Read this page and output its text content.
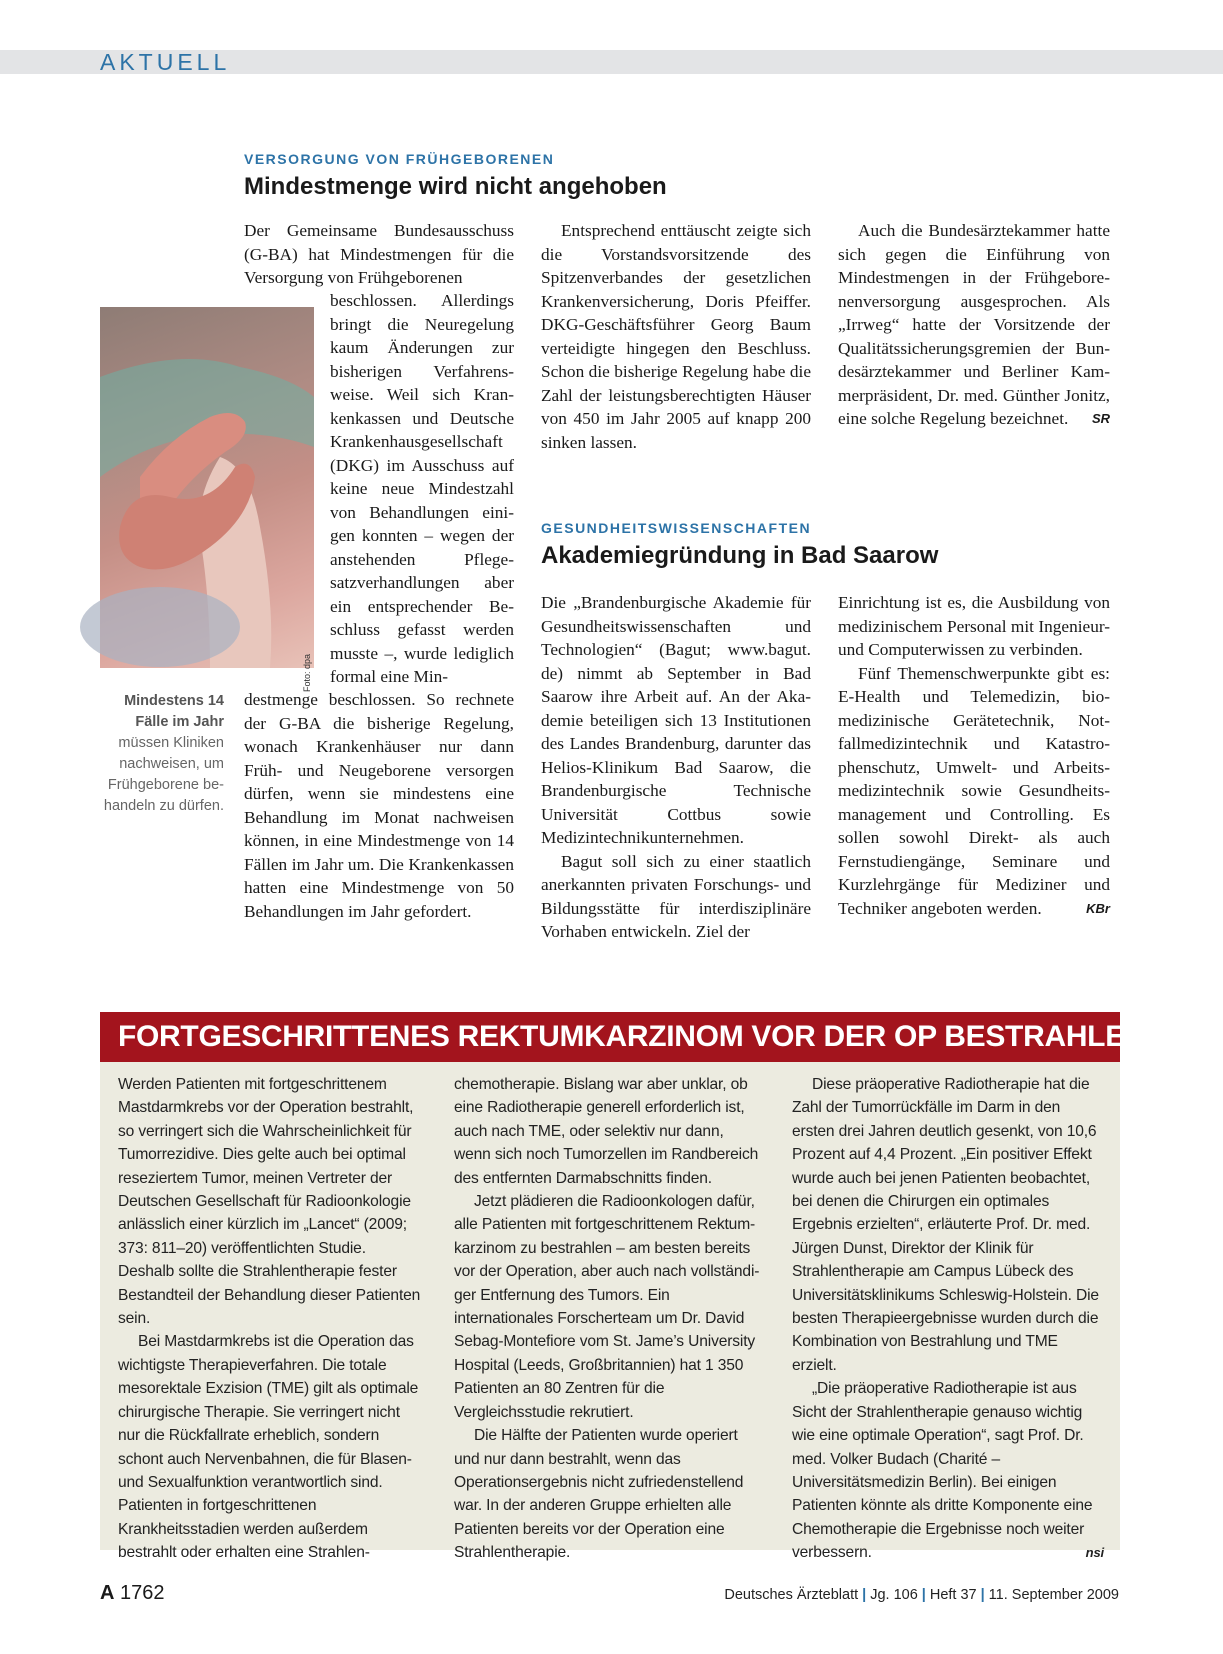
AKTUELL
VERSORGUNG VON FRÜHGEBORENEN
Mindestmenge wird nicht angehoben

Der Gemeinsame Bundesausschuss (G-BA) hat Mindestmengen für die Versorgung von Frühgeborenen

beschlossen. Allerdings bringt die Neuregelung kaum Änderungen zur bisherigen Verfahrensweise. Weil sich Krankenkassen und Deutsche Krankenhausgesellschaft (DKG) im Ausschuss auf keine neue Mindestzahl von Behandlungen einigen konnten – wegen der anstehenden Pflegesatzverhandlungen aber ein entsprechender Beschluss gefasst werden musste –, wurde lediglich formal eine Min-

destmenge beschlossen. So rechnete der G-BA die bisherige Regelung, wonach Krankenhäuser nur dann Früh- und Neugeborene versorgen dürfen, wenn sie mindestens eine Behandlung im Monat nachweisen können, in eine Mindestmenge von 14 Fällen im Jahr um. Die Krankenkassen hatten eine Mindestmenge von 50 Behandlungen im Jahr gefordert.

Entsprechend enttäuscht zeigte sich die Vorstandsvorsitzende des Spitzenverbandes der gesetzlichen Krankenversicherung, Doris Pfeiffer. DKG-Geschäftsführer Georg Baum verteidigte hingegen den Beschluss. Schon die bisherige Regelung habe die Zahl der leistungsberechtigten Häuser von 450 im Jahr 2005 auf knapp 200 sinken lassen.

Auch die Bundesärztekammer hatte sich gegen die Einführung von Mindestmengen in der Frühgeborenenversorgung ausgesprochen. Als „Irrweg“ hatte der Vorsitzende der Qualitätssicherungsgremien der Bundesärztekammer und Berliner Kammerpräsident, Dr. med. Günther Jonitz, eine solche Regelung bezeichnet.	SR

Foto: dpa
Mindestens 14 Fälle im Jahr
müssen Kliniken nachweisen, um Frühgeborene behandeln zu dürfen.
GESUNDHEITSWISSENSCHAFTEN
Akademiegründung in Bad Saarow

Die „Brandenburgische Akademie für Gesundheitswissenschaften und Technologien“ (Bagut; www.bagut. de) nimmt ab September in Bad Saarow ihre Arbeit auf. An der Akademie beteiligen sich 13 Institutionen des Landes Brandenburg, darunter das Helios-Klinikum Bad Saarow, die Brandenburgische Technische Universität Cottbus sowie Medizintechnikunternehmen.

Bagut soll sich zu einer staatlich anerkannten privaten Forschungs- und Bildungsstätte für interdisziplinäre Vorhaben entwickeln. Ziel der

Einrichtung ist es, die Ausbildung von medizinischem Personal mit Ingenieur- und Computerwissen zu verbinden.

Fünf Themenschwerpunkte gibt es: E-Health und Telemedizin, biomedizinische Gerätetechnik, Notfallmedizintechnik und Katastrophenschutz, Umwelt- und Arbeitsmedizintechnik sowie Gesundheitsmanagement und Controlling. Es sollen sowohl Direkt- als auch Fernstudiengänge, Seminare und Kurzlehrgänge für Mediziner und Techniker angeboten werden.	KBr

FORTGESCHRITTENES REKTUMKARZINOM VOR DER OP BESTRAHLEN

Werden Patienten mit fortgeschrittenem Mastdarmkrebs vor der Operation bestrahlt, so verringert sich die Wahrscheinlichkeit für Tumorrezidive. Dies gelte auch bei optimal reseziertem Tumor, meinen Vertreter der Deutschen Gesellschaft für Radioonkologie anlässlich einer kürzlich im „Lancet“ (2009; 373: 811–20) veröffentlichten Studie. Deshalb sollte die Strahlentherapie fester Bestandteil der Behandlung dieser Patienten sein.

Bei Mastdarmkrebs ist die Operation das wichtigste Therapieverfahren. Die totale mesorektale Exzision (TME) gilt als optimale chirurgische Therapie. Sie verringert nicht nur die Rückfallrate erheblich, sondern schont auch Nervenbahnen, die für Blasen- und Sexualfunktion verantwortlich sind. Patienten in fortgeschrittenen Krankheitsstadien werden außerdem bestrahlt oder erhalten eine Strahlen-

chemotherapie. Bislang war aber unklar, ob eine Radiotherapie generell erforderlich ist, auch nach TME, oder selektiv nur dann, wenn sich noch Tumorzellen im Randbereich des entfernten Darmabschnitts finden.

Jetzt plädieren die Radioonkologen dafür, alle Patienten mit fortgeschrittenem Rektumkarzinom zu bestrahlen – am besten bereits vor der Operation, aber auch nach vollständiger Entfernung des Tumors. Ein internationales Forscherteam um Dr. David Sebag-Montefiore vom St. Jame’s University Hospital (Leeds, Großbritannien) hat 1 350 Patienten an 80 Zentren für die Vergleichsstudie rekrutiert.

Die Hälfte der Patienten wurde operiert und nur dann bestrahlt, wenn das Operationsergebnis nicht zufriedenstellend war. In der anderen Gruppe erhielten alle Patienten bereits vor der Operation eine Strahlentherapie.

Diese präoperative Radiotherapie hat die Zahl der Tumorrückfälle im Darm in den ersten drei Jahren deutlich gesenkt, von 10,6 Prozent auf 4,4 Prozent. „Ein positiver Effekt wurde auch bei jenen Patienten beobachtet, bei denen die Chirurgen ein optimales Ergebnis erzielten“, erläuterte Prof. Dr. med. Jürgen Dunst, Direktor der Klinik für Strahlentherapie am Campus Lübeck des Universitätsklinikums Schleswig-Holstein. Die besten Therapieergebnisse wurden durch die Kombination von Bestrahlung und TME erzielt.

„Die präoperative Radiotherapie ist aus Sicht der Strahlentherapie genauso wichtig wie eine optimale Operation“, sagt Prof. Dr. med. Volker Budach (Charité – Universitätsmedizin Berlin). Bei einigen Patienten könnte als dritte Komponente eine Chemotherapie die Ergebnisse noch weiter verbessern.	nsi

A 1762	Deutsches Ärzteblatt | Jg. 106 | Heft 37 | 11. September 2009
